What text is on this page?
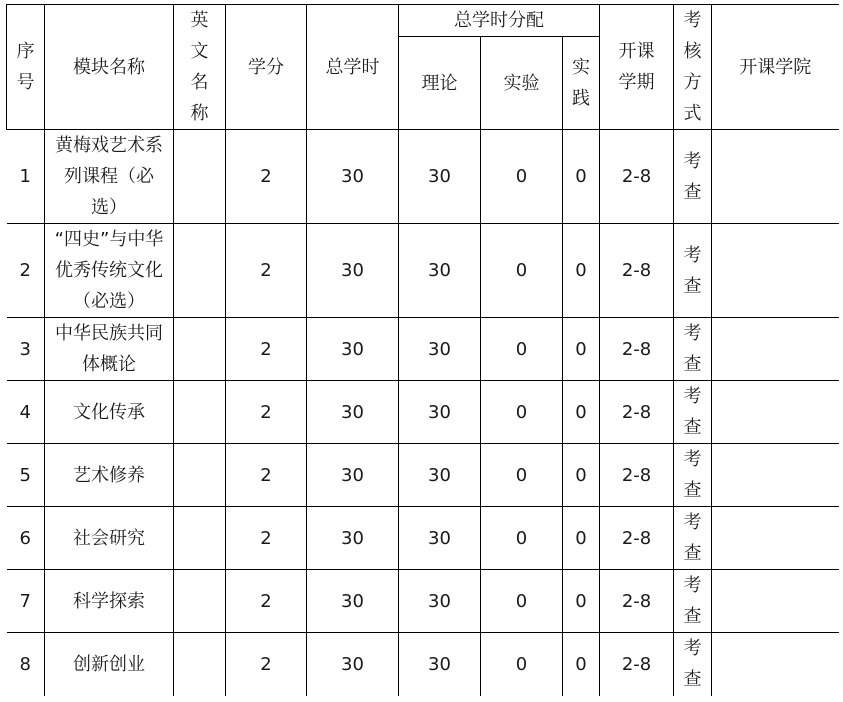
序号	模块名称	英文名称	学分	总学时	总学时分配			开课学期	考核方式	开课学院
					理论	实验	实践			
1	黄梅戏艺术系列课程（必选）		2	30	30	0	0	2-8	考查	
2	“四史”与中华优秀传统文化（必选）		2	30	30	0	0	2-8	考查	
3	中华民族共同体概论		2	30	30	0	0	2-8	考查	
4	文化传承		2	30	30	0	0	2-8	考查	
5	艺术修养		2	30	30	0	0	2-8	考查	
6	社会研究		2	30	30	0	0	2-8	考查	
7	科学探索		2	30	30	0	0	2-8	考查	
8	创新创业		2	30	30	0	0	2-8	考查	
